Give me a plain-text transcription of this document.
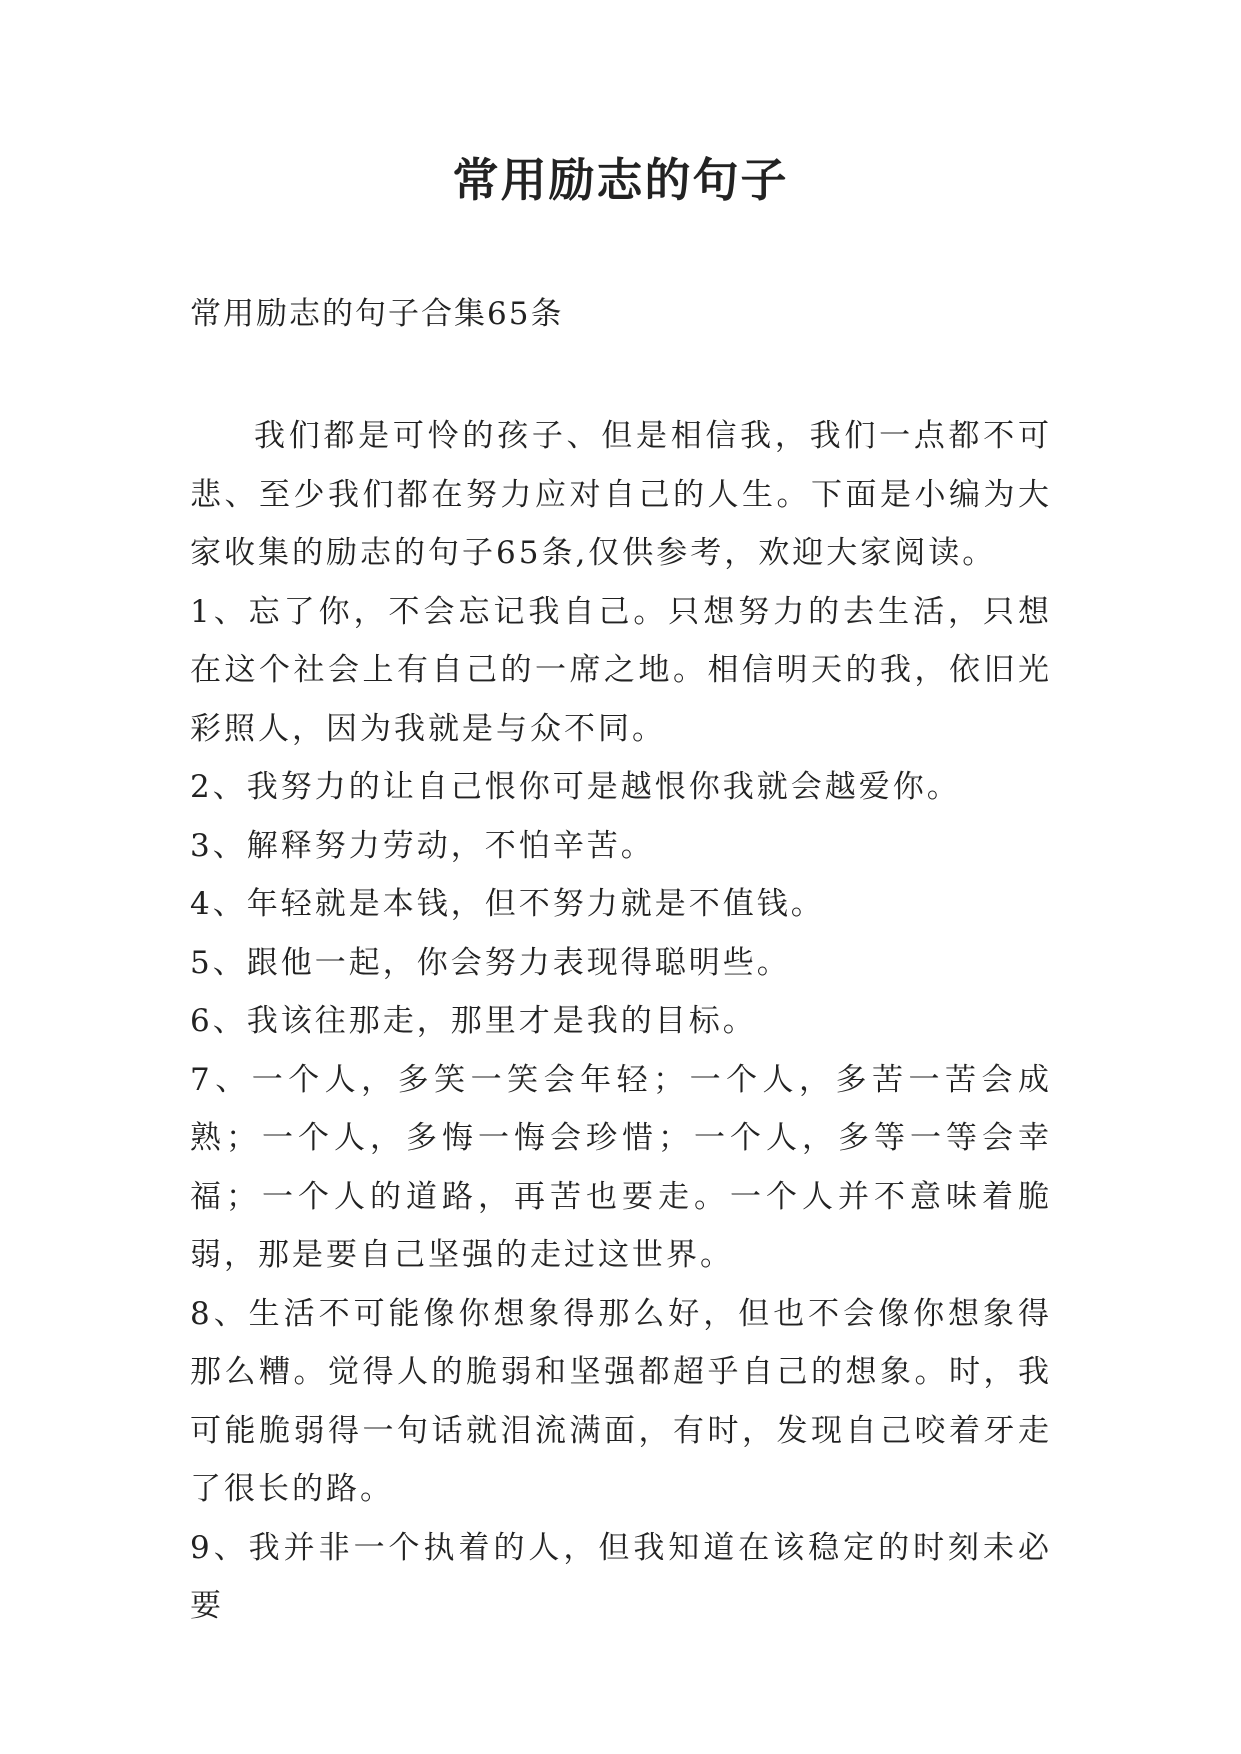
常用励志的句子

常用励志的句子合集65条

我们都是可怜的孩子、但是相信我，我们一点都不可悲、至少我们都在努力应对自己的人生。下面是小编为大家收集的励志的句子65条,仅供参考，欢迎大家阅读。

1、忘了你，不会忘记我自己。只想努力的去生活，只想在这个社会上有自己的一席之地。相信明天的我，依旧光彩照人，因为我就是与众不同。

2、我努力的让自己恨你可是越恨你我就会越爱你。

3、解释努力劳动，不怕辛苦。

4、年轻就是本钱，但不努力就是不值钱。

5、跟他一起，你会努力表现得聪明些。

6、我该往那走，那里才是我的目标。

7、一个人，多笑一笑会年轻；一个人，多苦一苦会成熟；一个人，多悔一悔会珍惜；一个人，多等一等会幸福；一个人的道路，再苦也要走。一个人并不意味着脆弱，那是要自己坚强的走过这世界。

8、生活不可能像你想象得那么好，但也不会像你想象得那么糟。觉得人的脆弱和坚强都超乎自己的想象。时，我可能脆弱得一句话就泪流满面，有时，发现自己咬着牙走了很长的路。

9、我并非一个执着的人，但我知道在该稳定的时刻未必要
